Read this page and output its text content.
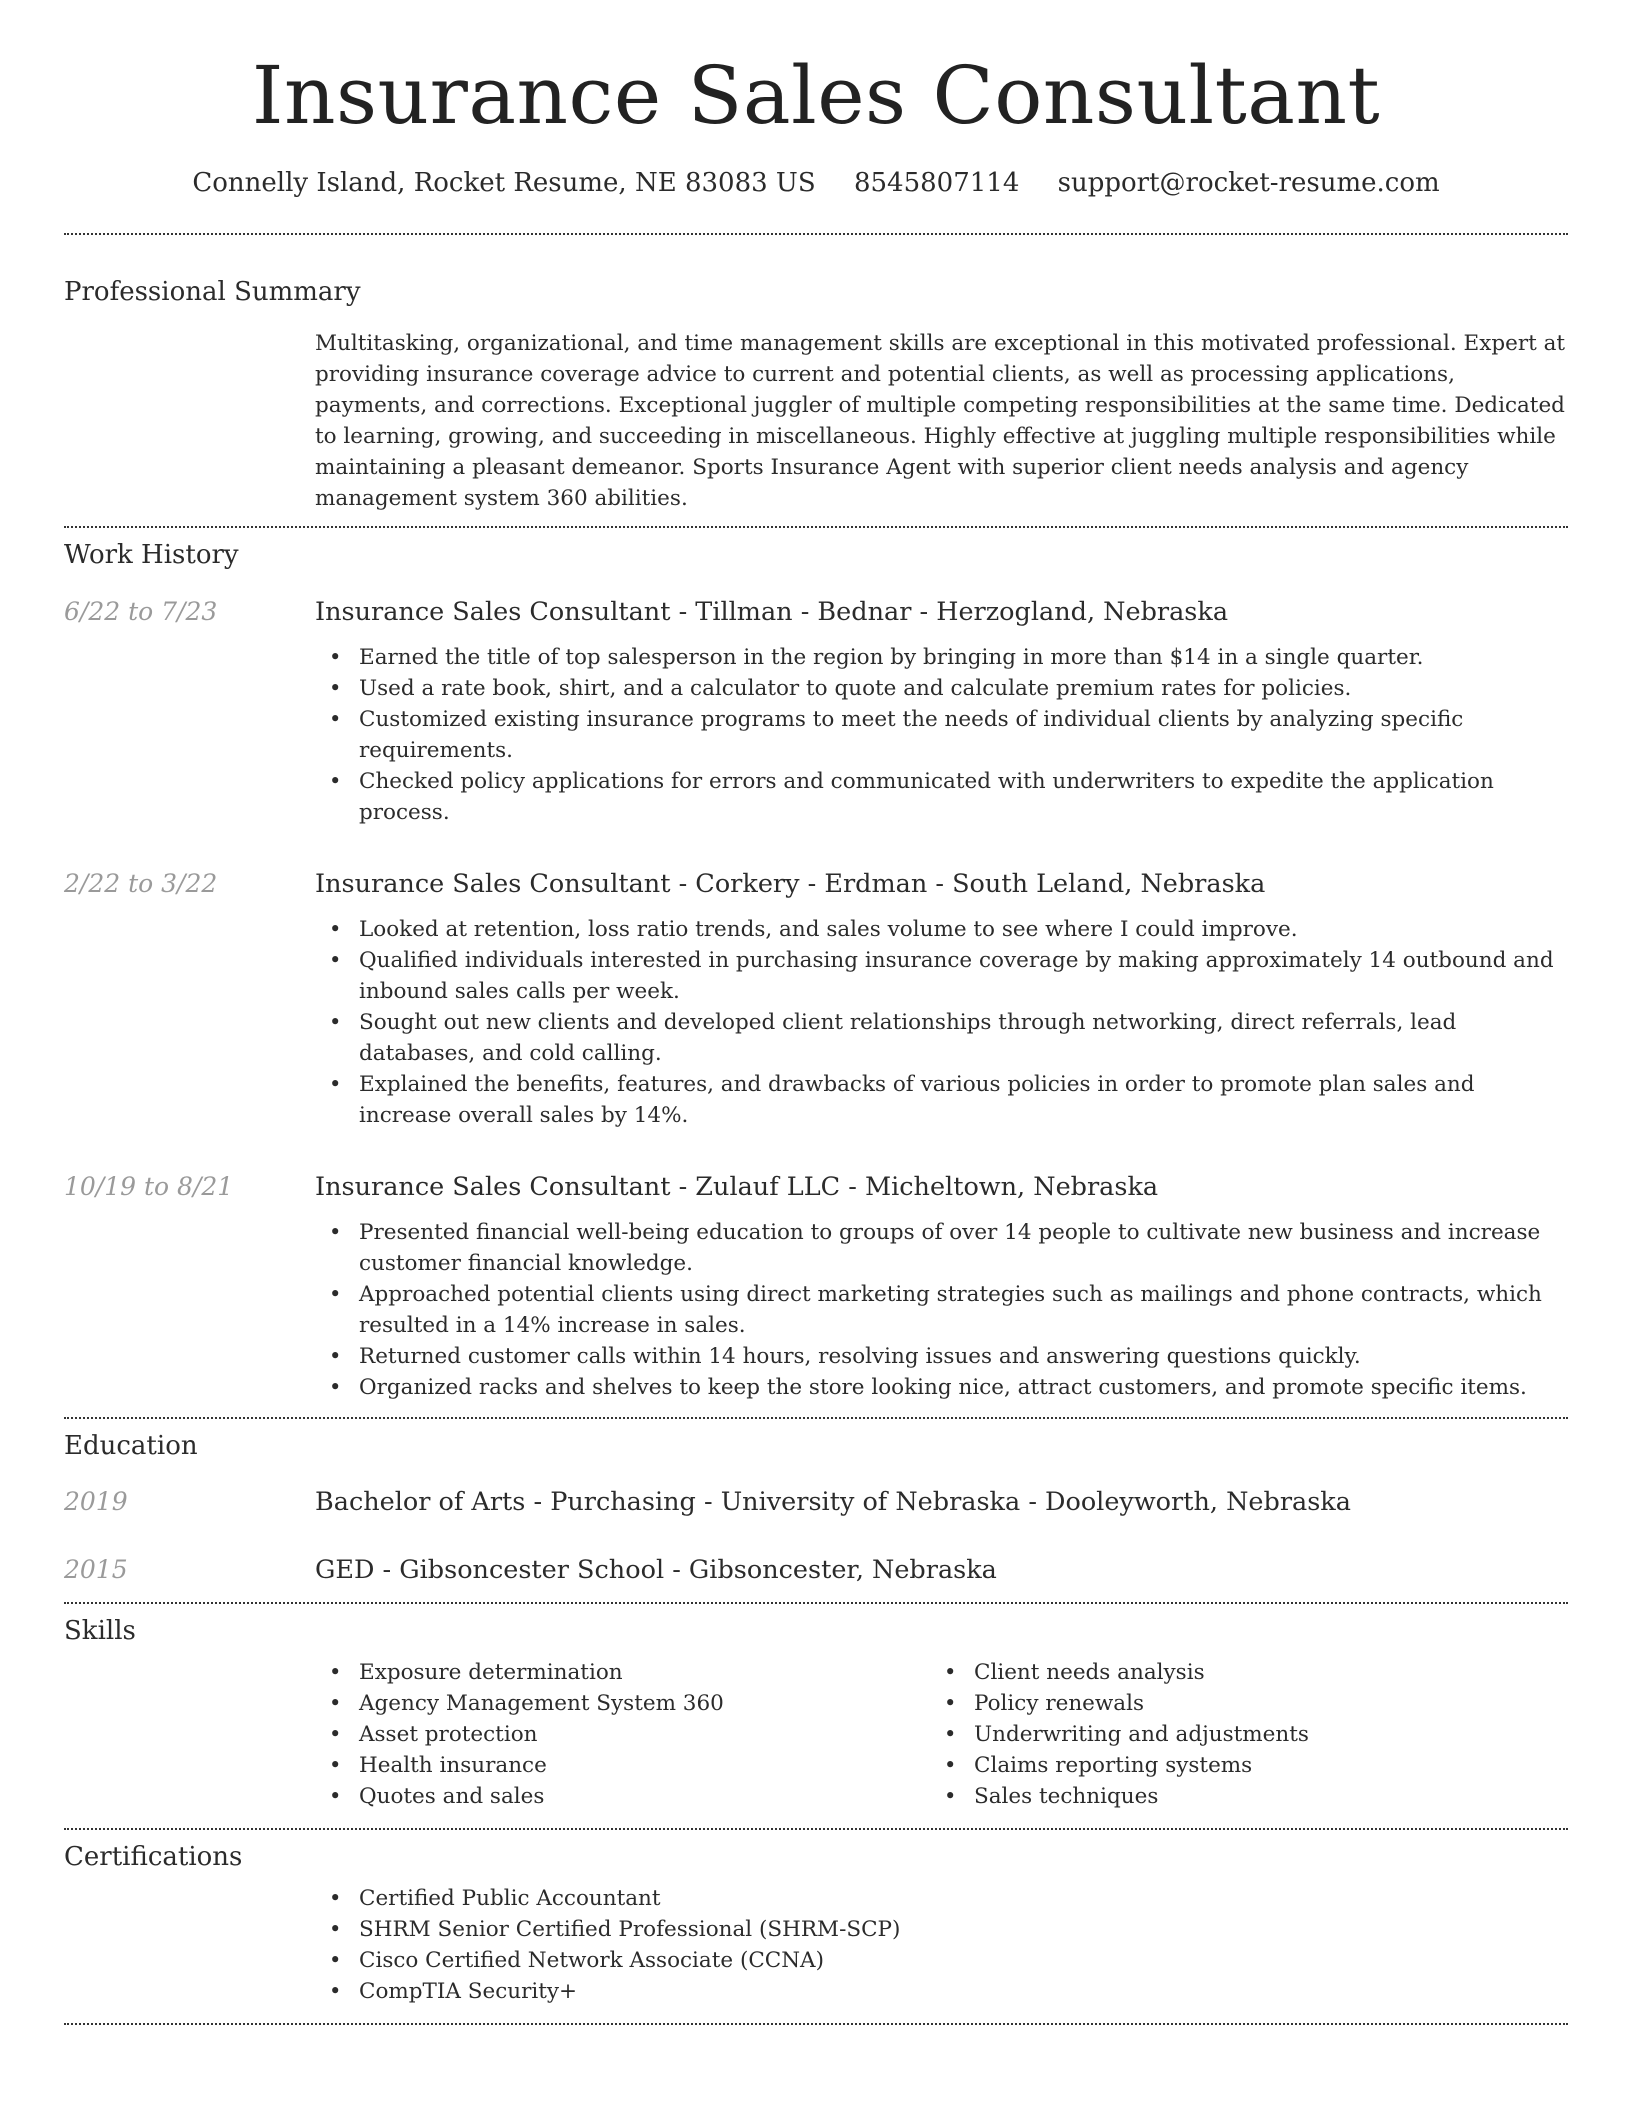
Insurance Sales Consultant
Connelly Island, Rocket Resume, NE 83083 US 8545807114 support@rocket-resume.com
Professional Summary

Multitasking, organizational, and time management skills are exceptional in this motivated professional. Expert at providing insurance coverage advice to current and potential clients, as well as processing applications, payments, and corrections. Exceptional juggler of multiple competing responsibilities at the same time. Dedicated to learning, growing, and succeeding in miscellaneous. Highly effective at juggling multiple responsibilities while maintaining a pleasant demeanor. Sports Insurance Agent with superior client needs analysis and agency management system 360 abilities.

Work History
6/22 to 7/23	Insurance Sales Consultant - Tillman - Bednar - Herzogland, Nebraska
• Earned the title of top salesperson in the region by bringing in more than $14 in a single quarter.
• Used a rate book, shirt, and a calculator to quote and calculate premium rates for policies.
• Customized existing insurance programs to meet the needs of individual clients by analyzing specific requirements.
• Checked policy applications for errors and communicated with underwriters to expedite the application process.
2/22 to 3/22	Insurance Sales Consultant - Corkery - Erdman - South Leland, Nebraska
• Looked at retention, loss ratio trends, and sales volume to see where I could improve.
• Qualified individuals interested in purchasing insurance coverage by making approximately 14 outbound and inbound sales calls per week.
• Sought out new clients and developed client relationships through networking, direct referrals, lead databases, and cold calling.
• Explained the benefits, features, and drawbacks of various policies in order to promote plan sales and increase overall sales by 14%.
10/19 to 8/21	Insurance Sales Consultant - Zulauf LLC - Micheltown, Nebraska
• Presented financial well-being education to groups of over 14 people to cultivate new business and increase customer financial knowledge.
• Approached potential clients using direct marketing strategies such as mailings and phone contracts, which resulted in a 14% increase in sales.
• Returned customer calls within 14 hours, resolving issues and answering questions quickly.
• Organized racks and shelves to keep the store looking nice, attract customers, and promote specific items.
Education
2019	Bachelor of Arts - Purchasing - University of Nebraska - Dooleyworth, Nebraska
2015	GED - Gibsoncester School - Gibsoncester, Nebraska
Skills
• Exposure determination
• Agency Management System 360
• Asset protection
• Health insurance
• Quotes and sales
• Client needs analysis
• Policy renewals
• Underwriting and adjustments
• Claims reporting systems
• Sales techniques
Certifications
• Certified Public Accountant
• SHRM Senior Certified Professional (SHRM-SCP)
• Cisco Certified Network Associate (CCNA)
• CompTIA Security+
